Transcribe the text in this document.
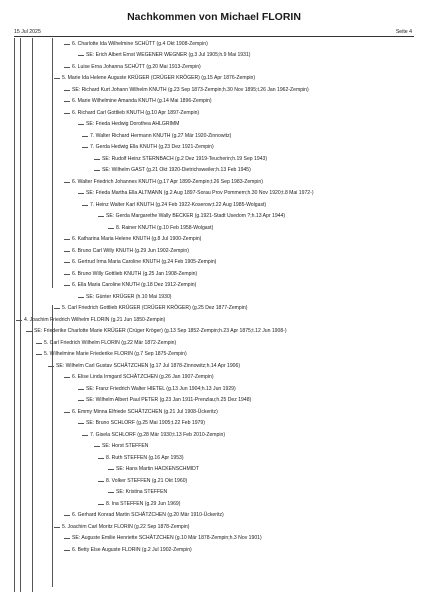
Nachkommen von Michael FLORIN
15 Jul 2025	Seite 4
6. Charlotte Ida Wilhelmine SCHÜTT (g.4 Okt 1908-Zempin)
SE: Erich Albert Ernst WEGENER WEGNER (g.3 Jul 1905;h.9 Mai 1931)
6. Luise Erna Johanna SCHÜTT (g.20 Mai 1913-Zempin)
5. Marie Ida Helene Auguste KRÜGER (CRÜGER KRÖGER) (g.15 Apr 1876-Zempin)
SE: Richard Kurt Johann Wilhelm KNUTH (g.23 Sep 1873-Zempin;h.30 Nov 1895;t.26 Jan 1962-Zempin)
6. Marie Wilhelmine Amanda KNUTH (g.14 Mai 1896-Zempin)
6. Richard Carl Gottlieb KNUTH (g.10 Apr 1897-Zempin)
SE: Frieda Hedwig Dorothea AHLGRIMM
7. Walter Richard Hermann KNUTH (g.27 Mär 1920-Zinnowitz)
7. Gerda Hedwig Ella KNUTH (g.23 Dez 1921-Zempin)
SE: Rudolf Heinz STERNBACH (g.2 Dez 1919-Teucherin;h.19 Sep 1943)
SE: Wilhelm GAST (g.21 Okt 1920-Dietrichsweiler;h.13 Feb 1945)
6. Walter Friedrich Johannes KNUTH (g.17 Apr 1899-Zempin;t.26 Sep 1983-Zempin)
SE: Frieda Martha Ella ALTMANN (g.2 Aug 1897-Sorau Prov Pommern;h.30 Nov 1920;t.8 Mai 1972-)
7. Heinz Walter Karl KNUTH (g.24 Feb 1922-Koserow;t.22 Aug 1985-Wolgast)
SE: Gerda Margarethe Wally BECKER (g.1921-Stadt Usedom ?;h.13 Apr 1944)
8. Rainer KNUTH (g.10 Feb 1958-Wolgast)
6. Katharina Maria Helene KNUTH (g.8 Jul 1900-Zempin)
6. Bruno Carl Willy KNUTH (g.29 Jun 1902-Zempin)
6. Gertrud Irma Maria Caroline KNUTH (g.24 Feb 1905-Zempin)
6. Bruno Willy Gottlieb KNUTH (g.25 Jan 1908-Zempin)
6. Ella Maria Caroline KNUTH (g.18 Dez 1912-Zempin)
SE: Günter KRÜGER (h.10 Mai 1930)
5. Carl Friedrich Gottlieb KRÜGER (CRÜGER KRÖGER) (g.25 Dez 1877-Zempin)
4. Joachim Friedrich Wilhelm FLORIN (g.21 Jun 1850-Zempin)
SE: Friederike Charlotte Marie KRÜGER (Crüger Kröger) (g.13 Sep 1852-Zempin;h.23 Apr 1875;t.12 Jun 1908-)
5. Carl Friedrich Wilhelm FLORIN (g.22 Mär 1872-Zempin)
5. Wilhelmine Marie Friederike FLORIN (g.7 Sep 1875-Zempin)
SE: Wilhelm Carl Gustav SCHÄTZCHEN (g.17 Jul 1878-Zinnowitz;h.14 Apr 1906)
6. Elise Linda Irmgard SCHÄTZCHEN (g.26 Jan 1907-Zempin)
SE: Franz Friedrich Walter HIETEL (g.13 Jun 1904;h.13 Jun 1929)
SE: Wilhelm Albert Paul PETER (g.23 Jan 1911-Prenzlau;h.25 Dez 1948)
6. Emmy Minna Elfriede SCHÄTZCHEN (g.21 Jul 1908-Ückeritz)
SE: Bruno SCHLORF (g.25 Mai 1905;t.22 Feb 1979)
7. Gisela SCHLORF (g.28 Mär 1930;t.13 Feb 2010-Zempin)
SE: Horst STEFFEN
8. Ruth STEFFEN (g.16 Apr 1953)
SE: Hans Martin HACKENSCHMIDT
8. Volker STEFFEN (g.21 Okt 1960)
SE: Kristina STEFFEN
8. Ina STEFFEN (g.29 Jun 1969)
6. Gerhard Konrad Martin SCHÄTZCHEN (g.20 Mär 1910-Ückeritz)
5. Joachim Carl Moritz FLORIN (g.22 Sep 1878-Zempin)
SE: Auguste Emilie Henriette SCHÄTZCHEN (g.10 Mär 1878-Zempin;h.3 Nov 1901)
6. Betty Else Auguste FLORIN (g.2 Jul 1902-Zempin)
